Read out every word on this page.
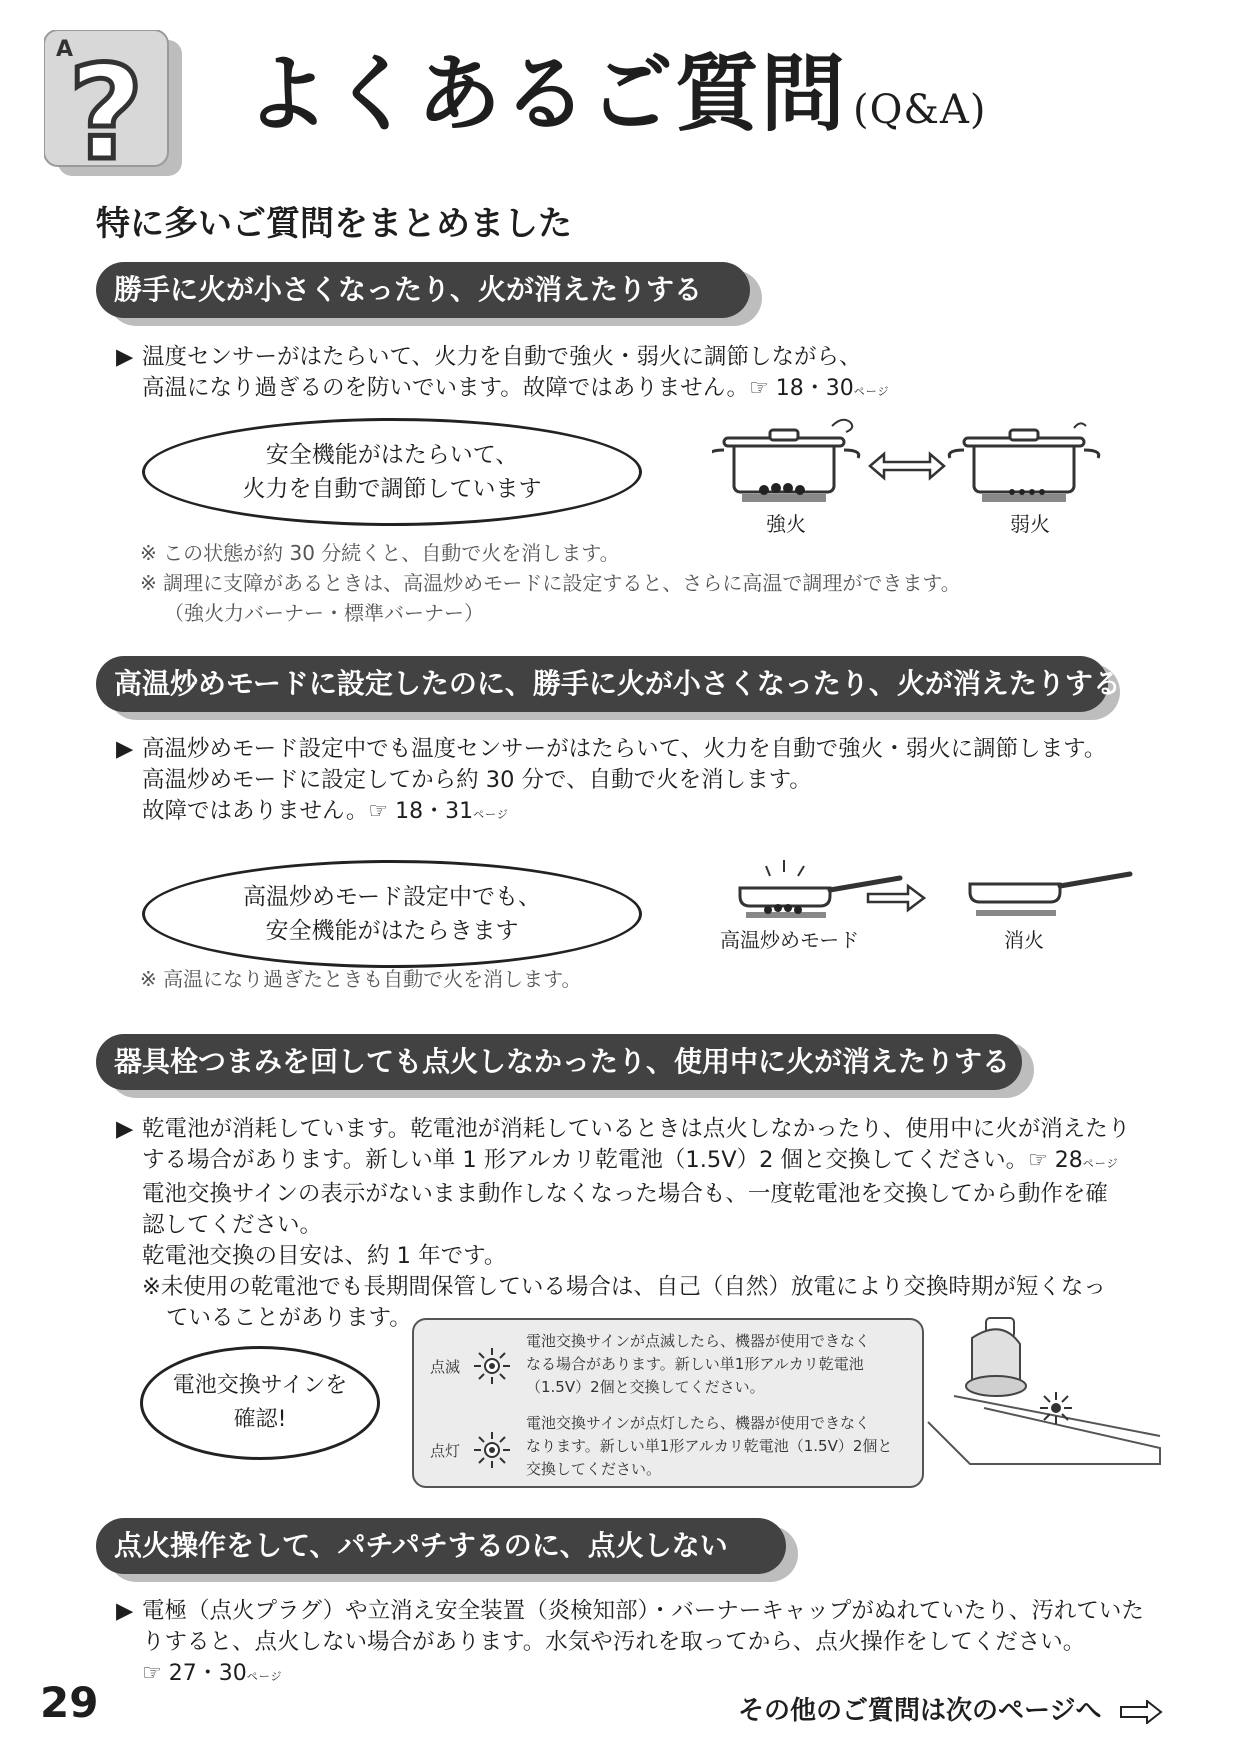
A
? よくあるご質問 (Q&A)
特に多いご質問をまとめました
勝手に火が小さくなったり、火が消えたりする
▶ 温度センサーがはたらいて、火力を自動で強火・弱火に調節しながら、
高温になり過ぎるのを防いでいます。故障ではありません。☞ 18・30ページ
安全機能がはたらいて、
火力を自動で調節しています
強火	弱火
※ この状態が約 30 分続くと、自動で火を消します。
※ 調理に支障があるときは、高温炒めモードに設定すると、さらに高温で調理ができます。
（強火力バーナー・標準バーナー）
高温炒めモードに設定したのに、勝手に火が小さくなったり、火が消えたりする
▶ 高温炒めモード設定中でも温度センサーがはたらいて、火力を自動で強火・弱火に調節します。
高温炒めモードに設定してから約 30 分で、自動で火を消します。
故障ではありません。☞ 18・31ページ
高温炒めモード設定中でも、
安全機能がはたらきます	高温炒めモード	消火
※ 高温になり過ぎたときも自動で火を消します。
器具栓つまみを回しても点火しなかったり、使用中に火が消えたりする
▶ 乾電池が消耗しています。乾電池が消耗しているときは点火しなかったり、使用中に火が消えたり
する場合があります。新しい単 1 形アルカリ乾電池（1.5V）2 個と交換してください。☞ 28ページ
電池交換サインの表示がないまま動作しなくなった場合も、一度乾電池を交換してから動作を確
認してください。
乾電池交換の目安は、約 1 年です。
※未使用の乾電池でも長期間保管している場合は、自己（自然）放電により交換時期が短くなっ
ていることがあります。
電池交換サインを
確認!
点滅
電池交換サインが点滅したら、機器が使用できなく
なる場合があります。新しい単1形アルカリ乾電池
（1.5V）2個と交換してください。
点灯
電池交換サインが点灯したら、機器が使用できなく
なります。新しい単1形アルカリ乾電池（1.5V）2個と
交換してください。
点火操作をして、パチパチするのに、点火しない
▶ 電極（点火プラグ）や立消え安全装置（炎検知部）・バーナーキャップがぬれていたり、汚れていた
りすると、点火しない場合があります。水気や汚れを取ってから、点火操作をしてください。
☞ 27・30ページ
29	その他のご質問は次のページへ
